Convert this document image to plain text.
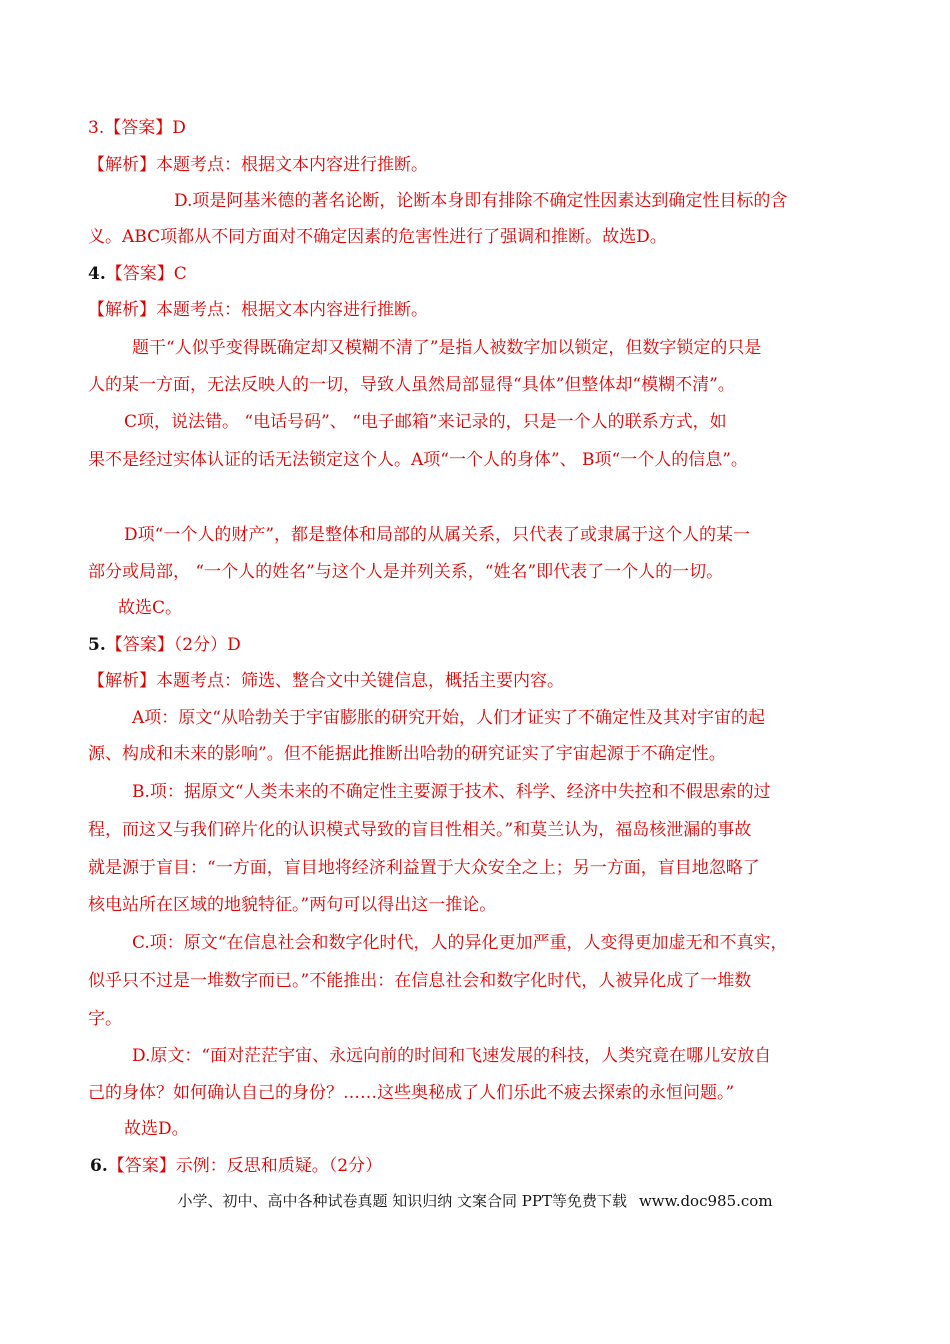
3.【答案】D
【解析】本题考点：根据文本内容进行推断。
D.项是阿基米德的著名论断，论断本身即有排除不确定性因素达到确定性目标的含
义。ABC项都从不同方面对不确定因素的危害性进行了强调和推断。故选D。
4.【答案】C
【解析】本题考点：根据文本内容进行推断。
题干“人似乎变得既确定却又模糊不清了”是指人被数字加以锁定，但数字锁定的只是
人的某一方面，无法反映人的一切，导致人虽然局部显得“具体”但整体却“模糊不清”。
C项，说法错。 “电话号码”、 “电子邮箱”来记录的，只是一个人的联系方式，如
果不是经过实体认证的话无法锁定这个人。A项“一个人的身体”、 B项“一个人的信息”。
D项“一个人的财产”，都是整体和局部的从属关系，只代表了或隶属于这个人的某一
部分或局部， “一个人的姓名”与这个人是并列关系，“姓名”即代表了一个人的一切。
故选C。
5.【答案】（2分）D
【解析】本题考点：筛选、整合文中关键信息，概括主要内容。
A项：原文“从哈勃关于宇宙膨胀的研究开始，人们才证实了不确定性及其对宇宙的起
源、构成和未来的影响”。但不能据此推断出哈勃的研究证实了宇宙起源于不确定性。
B.项：据原文“人类未来的不确定性主要源于技术、科学、经济中失控和不假思索的过
程，而这又与我们碎片化的认识模式导致的盲目性相关。”和莫兰认为，福岛核泄漏的事故
就是源于盲目：“一方面，盲目地将经济利益置于大众安全之上；另一方面，盲目地忽略了
核电站所在区域的地貌特征。”两句可以得出这一推论。
C.项：原文“在信息社会和数字化时代，人的异化更加严重，人变得更加虚无和不真实，
似乎只不过是一堆数字而已。”不能推出：在信息社会和数字化时代，人被异化成了一堆数
字。
D.原文：“面对茫茫宇宙、永远向前的时间和飞速发展的科技，人类究竟在哪儿安放自
己的身体？如何确认自己的身份？……这些奥秘成了人们乐此不疲去探索的永恒问题。”
故选D。
6.【答案】示例：反思和质疑。（2分）
小学、初中、高中各种试卷真题 知识归纳 文案合同 PPT等免费下载 www.doc985.com
